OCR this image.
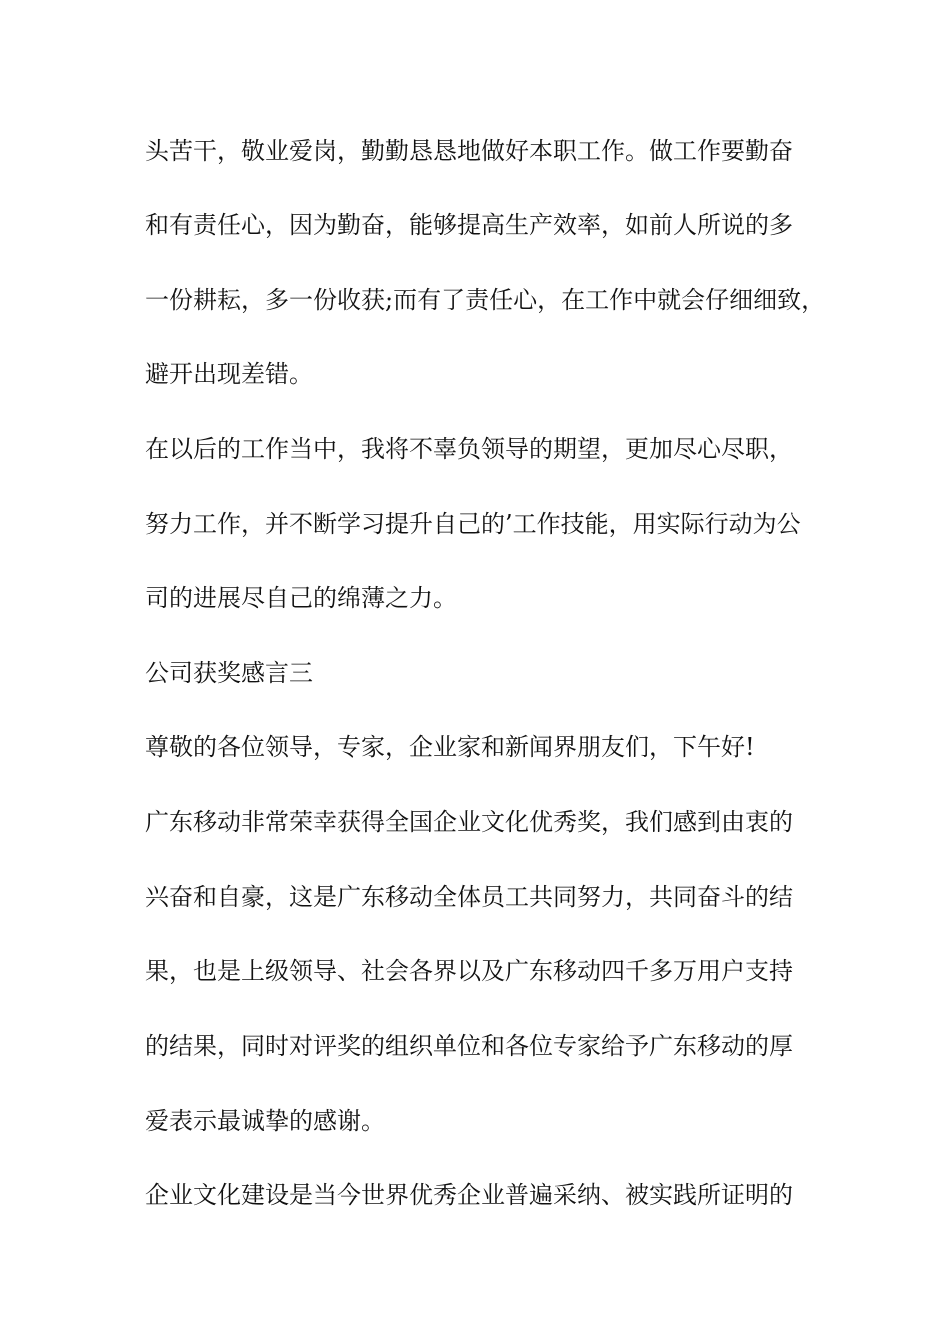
头苦干，敬业爱岗，勤勤恳恳地做好本职工作。做工作要勤奋

和有责任心，因为勤奋，能够提高生产效率，如前人所说的多

一份耕耘，多一份收获;而有了责任心，在工作中就会仔细细致，

避开出现差错。

在以后的工作当中，我将不辜负领导的期望，更加尽心尽职，

努力工作，并不断学习提升自己的’工作技能，用实际行动为公

司的进展尽自己的绵薄之力。

公司获奖感言三

尊敬的各位领导，专家，企业家和新闻界朋友们，下午好!

广东移动非常荣幸获得全国企业文化优秀奖，我们感到由衷的

兴奋和自豪，这是广东移动全体员工共同努力，共同奋斗的结

果，也是上级领导、社会各界以及广东移动四千多万用户支持

的结果，同时对评奖的组织单位和各位专家给予广东移动的厚

爱表示最诚挚的感谢。

企业文化建设是当今世界优秀企业普遍采纳、被实践所证明的
